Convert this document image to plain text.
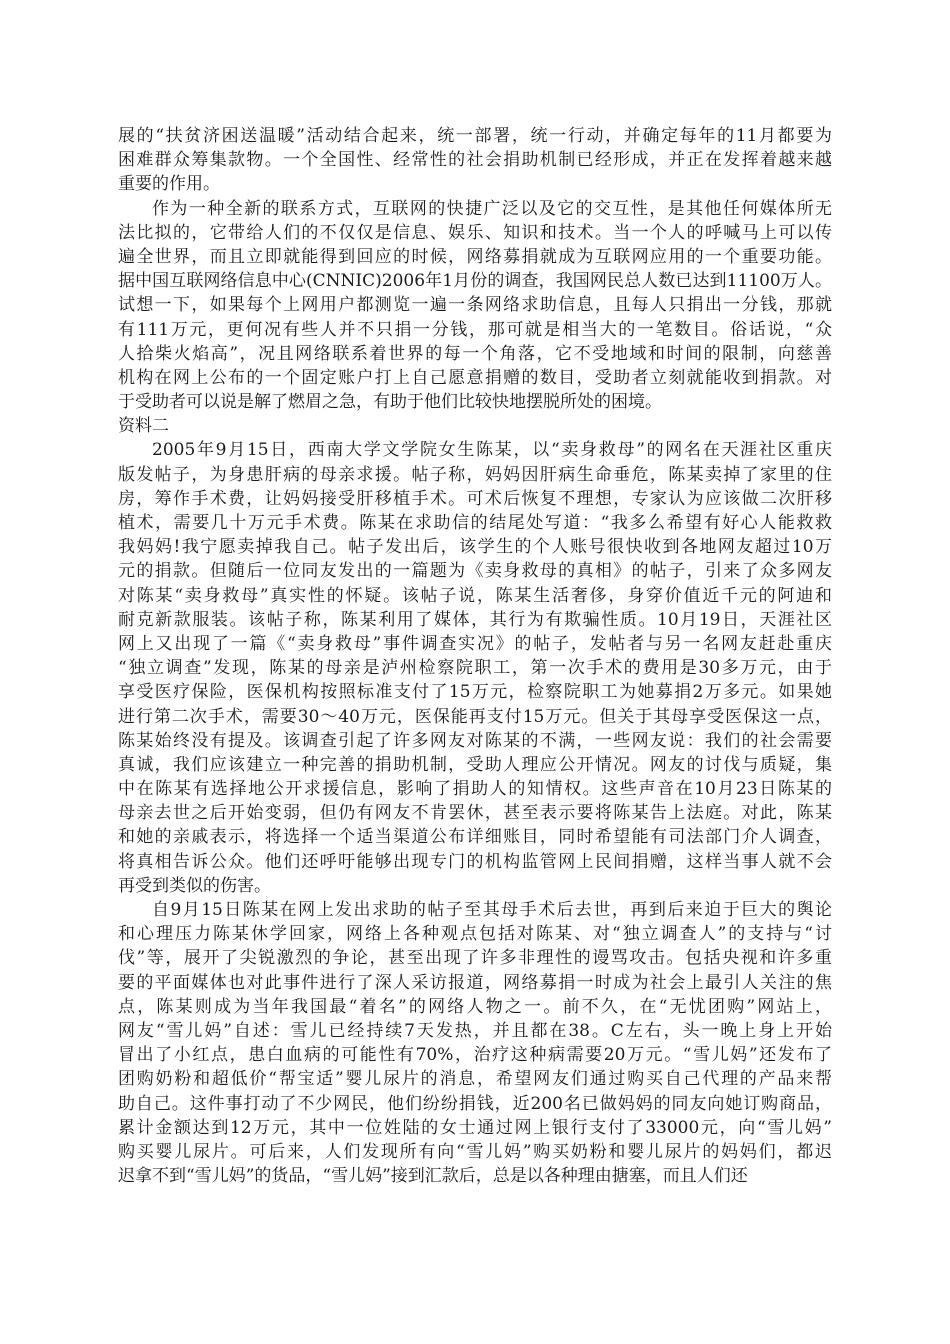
展的“扶贫济困送温暖”活动结合起来，统一部署，统一行动，并确定每年的11月都要为
困难群众筹集款物。一个全国性、经常性的社会捐助机制已经形成，并正在发挥着越来越
重要的作用。
作为一种全新的联系方式，互联网的快捷广泛以及它的交互性，是其他任何媒体所无
法比拟的，它带给人们的不仅仅是信息、娱乐、知识和技术。当一个人的呼喊马上可以传
遍全世界，而且立即就能得到回应的时候，网络募捐就成为互联网应用的一个重要功能。
据中国互联网络信息中心(CNNIC)2006年1月份的调查，我国网民总人数已达到11100万人。
试想一下，如果每个上网用户都测览一遍一条网络求助信息，且每人只捐出一分钱，那就
有111万元，更何况有些人并不只捐一分钱，那可就是相当大的一笔数目。俗话说，“众
人拾柴火焰高”，况且网络联系着世界的每一个角落，它不受地域和时间的限制，向慈善
机构在网上公布的一个固定账户打上自己愿意捐赠的数目，受助者立刻就能收到捐款。对
于受助者可以说是解了燃眉之急，有助于他们比较快地摆脱所处的困境。
资料二
2005年9月15日，西南大学文学院女生陈某，以“卖身救母”的网名在天涯社区重庆
版发帖子，为身患肝病的母亲求援。帖子称，妈妈因肝病生命垂危，陈某卖掉了家里的住
房，筹作手术费，让妈妈接受肝移植手术。可术后恢复不理想，专家认为应该做二次肝移
植术，需要几十万元手术费。陈某在求助信的结尾处写道：“我多么希望有好心人能救救
我妈妈!我宁愿卖掉我自己。帖子发出后，该学生的个人账号很快收到各地网友超过10万
元的捐款。但随后一位同友发出的一篇题为《卖身救母的真相》的帖子，引来了众多网友
对陈某“卖身救母”真实性的怀疑。该帖子说，陈某生活奢侈，身穿价值近千元的阿迪和
耐克新款服装。该帖子称，陈某利用了媒体，其行为有欺骗性质。10月19日，天涯社区
网上又出现了一篇《“卖身救母”事件调查实况》的帖子，发帖者与另一名网友赶赴重庆
“独立调查”发现，陈某的母亲是泸州检察院职工，第一次手术的费用是30多万元，由于
享受医疗保险，医保机构按照标准支付了15万元，检察院职工为她募捐2万多元。如果她
进行第二次手术，需要30～40万元，医保能再支付15万元。但关于其母享受医保这一点，
陈某始终没有提及。该调查引起了许多网友对陈某的不满，一些网友说：我们的社会需要
真诚，我们应该建立一种完善的捐助机制，受助人理应公开情况。网友的讨伐与质疑，集
中在陈某有选择地公开求援信息，影响了捐助人的知情权。这些声音在10月23日陈某的
母亲去世之后开始变弱，但仍有网友不肯罢休，甚至表示要将陈某告上法庭。对此，陈某
和她的亲戚表示，将选择一个适当渠道公布详细账目，同时希望能有司法部门介人调查，
将真相告诉公众。他们还呼吁能够出现专门的机构监管网上民间捐赠，这样当事人就不会
再受到类似的伤害。
自9月15日陈某在网上发出求助的帖子至其母手术后去世，再到后来迫于巨大的舆论
和心理压力陈某休学回家，网络上各种观点包括对陈某、对“独立调查人”的支持与“讨
伐”等，展开了尖锐激烈的争论，甚至出现了许多非理性的谩骂攻击。包括央视和许多重
要的平面媒体也对此事件进行了深人采访报道，网络募捐一时成为社会上最引人关注的焦
点，陈某则成为当年我国最“着名”的网络人物之一。前不久，在“无忧团购”网站上，
网友“雪儿妈”自述：雪儿已经持续7天发热，并且都在38。C左右，头一晚上身上开始
冒出了小红点，患白血病的可能性有70%，治疗这种病需要20万元。“雪儿妈”还发布了
团购奶粉和超低价“帮宝适”婴儿尿片的消息，希望网友们通过购买自己代理的产品来帮
助自己。这件事打动了不少网民，他们纷纷捐钱，近200名已做妈妈的同友向她订购商品，
累计金额达到12万元，其中一位姓陆的女士通过网上银行支付了33000元，向“雪儿妈”
购买婴儿尿片。可后来，人们发现所有向“雪儿妈”购买奶粉和婴儿尿片的妈妈们，都迟
迟拿不到“雪儿妈”的货品，“雪儿妈”接到汇款后，总是以各种理由搪塞，而且人们还
